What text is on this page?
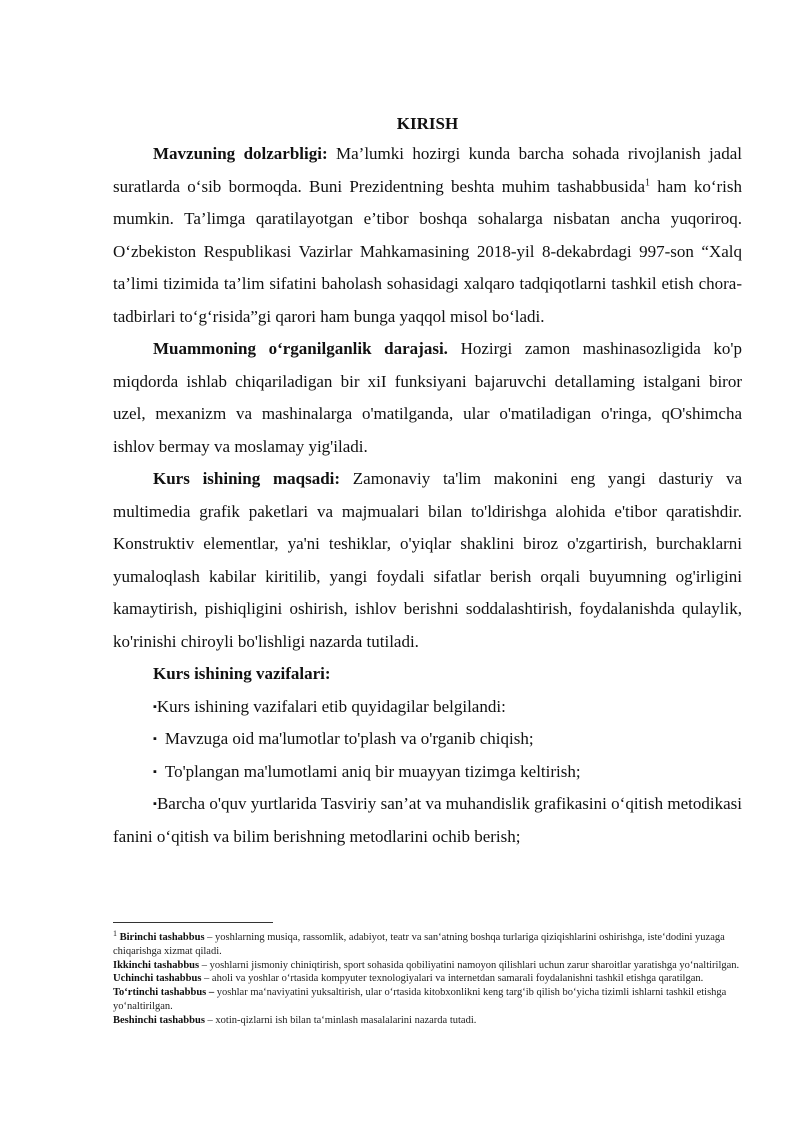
KIRISH

Mavzuning dolzarbligi: Ma’lumki hozirgi kunda barcha sohada rivojlanish jadal suratlarda o‘sib bormoqda. Buni Prezidentning beshta muhim tashabbusida$^1$ ham ko‘rish mumkin. Ta’limga qaratilayotgan e’tibor boshqa sohalarga nisbatan ancha yuqoriroq. O‘zbekiston Respublikasi Vazirlar Mahkamasining 2018-yil 8-dekabrdagi 997-son “Xalq ta’limi tizimida ta’lim sifatini baholash sohasidagi xalqaro tadqiqotlarni tashkil etish chora-tadbirlari to‘g‘risida”gi qarori ham bunga yaqqol misol bo‘ladi.

Muammoning o‘rganilganlik darajasi. Hozirgi zamon mashinasozligida ko'p miqdorda ishlab chiqariladigan bir xiI funksiyani bajaruvchi detallaming istalgani biror uzel, mexanizm va mashinalarga o'matilganda, ular o'matiladigan o'ringa, qO'shimcha ishlov bermay va moslamay yig'iladi.

Kurs ishining maqsadi: Zamonaviy ta'lim makonini eng yangi dasturiy va multimedia grafik paketlari va majmualari bilan to'ldirishga alohida e'tibor qaratishdir. Konstruktiv elementlar, ya'ni teshiklar, o'yiqlar shaklini biroz o'zgartirish, burchaklarni yumaloqlash kabilar kiritilib, yangi foydali sifatlar berish orqali buyumning og'irligini kamaytirish, pishiqligini oshirish, ishlov berishni soddalashtirish, foydalanishda qulaylik, ko'rinishi chiroyli bo'lishligi nazarda tutiladi.

Kurs ishining vazifalari:

▪Kurs ishining vazifalari etib quyidagilar belgilandi:

▪ Mavzuga oid ma'lumotlar to'plash va o'rganib chiqish;

▪ To'plangan ma'lumotlami aniq bir muayyan tizimga keltirish;

▪Barcha o'quv yurtlarida Tasviriy san’at va muhandislik grafikasini o‘qitish metodikasi fanini o‘qitish va bilim berishning metodlarini ochib berish;

$^1$ Birinchi tashabbus – yoshlarning musiqa, rassomlik, adabiyot, teatr va san‘atning boshqa turlariga qiziqishlarini oshirishga, iste‘dodini yuzaga chiqarishga xizmat qiladi.

Ikkinchi tashabbus – yoshlarni jismoniy chiniqtirish, sport sohasida qobiliyatini namoyon qilishlari uchun zarur sharoitlar yaratishga yo‘naltirilgan.

Uchinchi tashabbus – aholi va yoshlar o‘rtasida kompyuter texnologiyalari va internetdan samarali foydalanishni tashkil etishga qaratilgan.

To‘rtinchi tashabbus – yoshlar ma‘naviyatini yuksaltirish, ular o‘rtasida kitobxonlikni keng targ‘ib qilish bo‘yicha tizimli ishlarni tashkil etishga yo‘naltirilgan.

Beshinchi tashabbus – xotin-qizlarni ish bilan ta‘minlash masalalarini nazarda tutadi.
